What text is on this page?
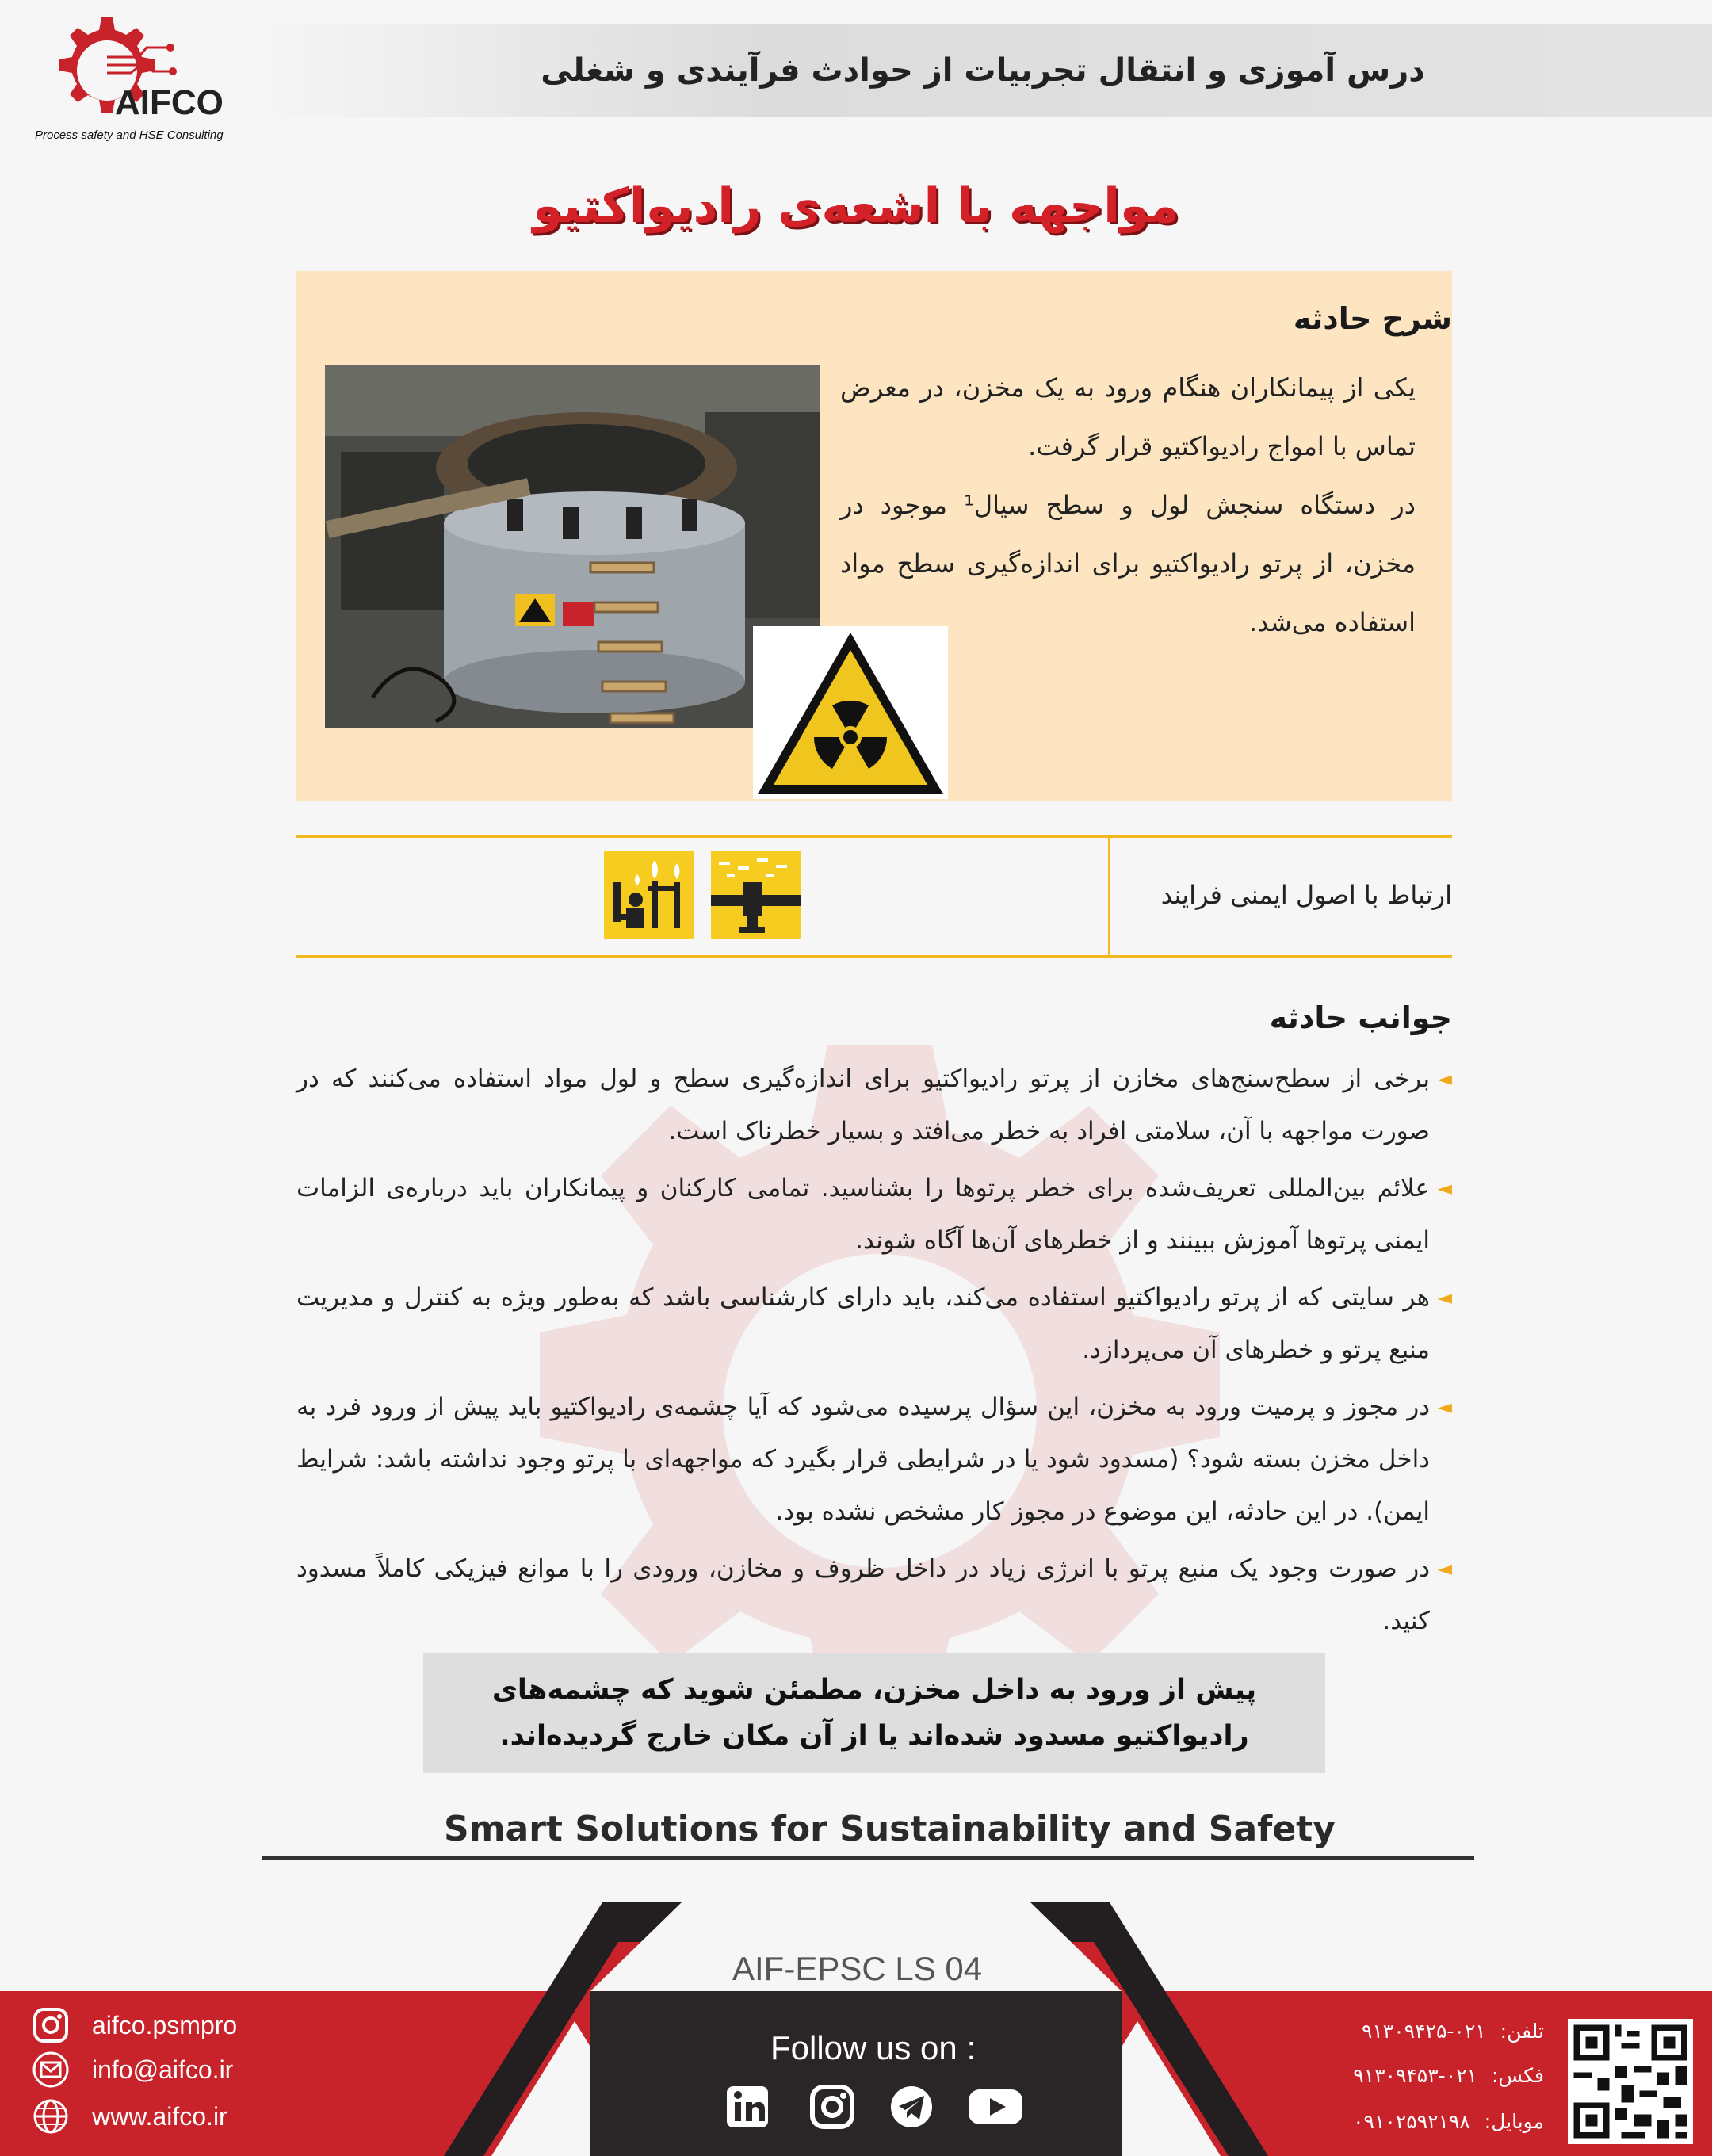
درس آموزی و انتقال تجربیات از حوادث فرآیندی و شغلی
AIFCO
Process safety and HSE Consulting
مواجهه با اشعه‌ی رادیواکتیو
شرح حادثه

یکی از پیمانکاران هنگام ورود به یک مخزن، در معرض تماس با امواج رادیواکتیو قرار گرفت.

در دستگاه سنجش لول و سطح سیال¹ موجود در مخزن، از پرتو رادیواکتیو برای اندازه‌گیری سطح مواد استفاده می‌شد.

ارتباط با اصول ایمنی فرایند
جوانب حادثه
◄
برخی از سطح‌سنج‌های مخازن از پرتو رادیواکتیو برای اندازه‌گیری سطح و لول مواد استفاده می‌کنند که در صورت مواجهه با آن، سلامتی افراد به خطر می‌افتد و بسیار خطرناک است.
◄
علائم بین‌المللی تعریف‌شده برای خطر پرتوها را بشناسید. تمامی کارکنان و پیمانکاران باید درباره‌ی الزامات ایمنی پرتوها آموزش ببینند و از خطرهای آن‌ها آگاه شوند.
◄
هر سایتی که از پرتو رادیواکتیو استفاده می‌کند، باید دارای کارشناسی باشد که به‌طور ویژه به کنترل و مدیریت منبع پرتو و خطرهای آن می‌پردازد.
◄
در مجوز و پرمیت ورود به مخزن، این سؤال پرسیده می‌شود که آیا چشمه‌ی رادیواکتیو باید پیش از ورود فرد به داخل مخزن بسته شود؟ (مسدود شود یا در شرایطی قرار بگیرد که مواجهه‌ای با پرتو وجود نداشته باشد: شرایط ایمن). در این حادثه، این موضوع در مجوز کار مشخص نشده بود.
◄
در صورت وجود یک منبع پرتو با انرژی زیاد در داخل ظروف و مخازن، ورودی را با موانع فیزیکی کاملاً مسدود کنید.
پیش از ورود به داخل مخزن، مطمئن شوید که چشمه‌های رادیواکتیو مسدود شده‌اند یا از آن مکان خارج گردیده‌اند.
Smart Solutions for Sustainability and Safety
AIF-EPSC LS 04
Follow us on :
aifco.psmpro
info@aifco.ir
www.aifco.ir
تلفن: ۰۲۱-۹۱۳۰۹۴۲۵
فکس: ۰۲۱-۹۱۳۰۹۴۵۳
موبایل: ۰۹۱۰۲۵۹۲۱۹۸
